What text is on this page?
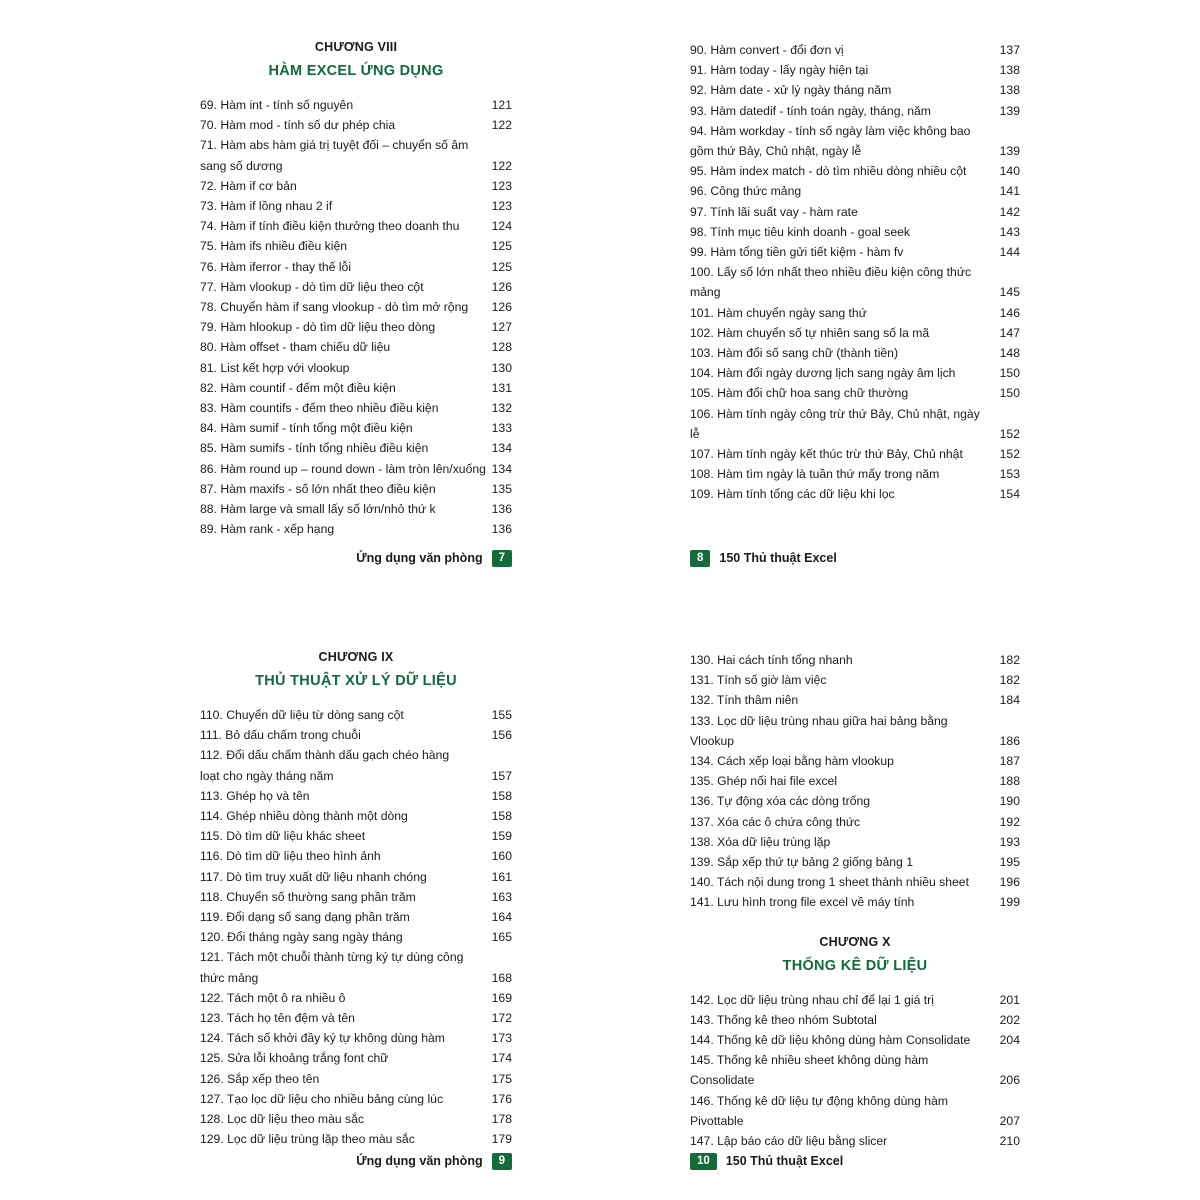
CHƯƠNG VIII
HÀM EXCEL ỨNG DỤNG
69. Hàm int - tính số nguyên	121
70. Hàm mod - tính số dư phép chia	122
71. Hàm abs hàm giá trị tuyệt đối – chuyển số âm sang số dương	122
72. Hàm if cơ bản	123
73. Hàm if lồng nhau 2 if	123
74. Hàm if tính điều kiện thưởng theo doanh thu	124
75. Hàm ifs nhiều điều kiện	125
76. Hàm iferror - thay thế lỗi	125
77. Hàm vlookup - dò tìm dữ liệu theo cột	126
78. Chuyển hàm if sang vlookup - dò tìm mở rộng	126
79. Hàm hlookup - dò tìm dữ liệu theo dòng	127
80. Hàm offset - tham chiếu dữ liệu	128
81. List kết hợp với vlookup	130
82. Hàm countif - đếm một điều kiện	131
83. Hàm countifs - đếm theo nhiều điều kiện	132
84. Hàm sumif - tính tổng một điều kiện	133
85. Hàm sumifs - tính tổng nhiều điều kiện	134
86. Hàm round up – round down - làm tròn lên/xuống 134
87. Hàm maxifs - số lớn nhất theo điều kiện	135
88. Hàm large và small lấy số lớn/nhỏ thứ k	136
89. Hàm rank - xếp hạng	136
Ứng dụng văn phòng	7
90. Hàm convert - đổi đơn vị	137
91. Hàm today - lấy ngày hiện tại	138
92. Hàm date - xử lý ngày tháng năm	138
93. Hàm datedif - tính toán ngày, tháng, năm	139
94. Hàm workday - tính số ngày làm việc không bao gồm thứ Bảy, Chủ nhật, ngày lễ	139
95. Hàm index match - dò tìm nhiều dòng nhiều cột	140
96. Công thức mảng	141
97. Tính lãi suất vay - hàm rate	142
98. Tính mục tiêu kinh doanh - goal seek	143
99. Hàm tổng tiền gửi tiết kiệm - hàm fv	144
100. Lấy số lớn nhất theo nhiều điều kiện công thức mảng	145
101. Hàm chuyển ngày sang thứ	146
102. Hàm chuyển số tự nhiên sang số la mã	147
103. Hàm đổi số sang chữ (thành tiền)	148
104. Hàm đổi ngày dương lịch sang ngày âm lịch	150
105. Hàm đổi chữ hoa sang chữ thường	150
106. Hàm tính ngày công trừ thứ Bảy, Chủ nhật, ngày lễ	152
107. Hàm tính ngày kết thúc trừ thứ Bảy, Chủ nhật	152
108. Hàm tìm ngày là tuần thứ mấy trong năm	153
109. Hàm tính tổng các dữ liệu khi lọc	154
8	150 Thủ thuật Excel
CHƯƠNG IX
THỦ THUẬT XỬ LÝ DỮ LIỆU
110. Chuyển dữ liệu từ dòng sang cột	155
111. Bỏ dấu chấm trong chuỗi	156
112. Đổi dấu chấm thành dấu gạch chéo hàng loạt cho ngày tháng năm	157
113. Ghép họ và tên	158
114. Ghép nhiều dòng thành một dòng	158
115. Dò tìm dữ liệu khác sheet	159
116. Dò tìm dữ liệu theo hình ảnh	160
117. Dò tìm truy xuất dữ liệu nhanh chóng	161
118. Chuyển số thường sang phần trăm	163
119. Đổi dạng số sang dạng phần trăm	164
120. Đổi tháng ngày sang ngày tháng	165
121. Tách một chuỗi thành từng ký tự dùng công thức mảng	168
122. Tách một ô ra nhiều ô	169
123. Tách họ tên đệm và tên	172
124. Tách số khởi đầy ký tự không dùng hàm	173
125. Sửa lỗi khoảng trắng font chữ	174
126. Sắp xếp theo tên	175
127. Tạo lọc dữ liệu cho nhiều bảng cùng lúc	176
128. Lọc dữ liệu theo màu sắc	178
129. Lọc dữ liệu trùng lặp theo màu sắc	179
Ứng dụng văn phòng	9
130. Hai cách tính tổng nhanh	182
131. Tính số giờ làm việc	182
132. Tính thâm niên	184
133. Lọc dữ liệu trùng nhau giữa hai bảng bằng Vlookup	186
134. Cách xếp loại bằng hàm vlookup	187
135. Ghép nối hai file excel	188
136. Tự động xóa các dòng trống	190
137. Xóa các ô chứa công thức	192
138. Xóa dữ liệu trùng lặp	193
139. Sắp xếp thứ tự bảng 2 giống bảng 1	195
140. Tách nội dung trong 1 sheet thành nhiều sheet	196
141. Lưu hình trong file excel về máy tính	199
CHƯƠNG X
THỐNG KÊ DỮ LIỆU
142. Lọc dữ liệu trùng nhau chỉ để lại 1 giá trị	201
143. Thống kê theo nhóm Subtotal	202
144. Thống kê dữ liệu không dùng hàm Consolidate	204
145. Thống kê nhiều sheet không dùng hàm Consolidate	206
146. Thống kê dữ liệu tự động không dùng hàm Pivottable	207
147. Lập báo cáo dữ liệu bằng slicer	210
10	150 Thủ thuật Excel
